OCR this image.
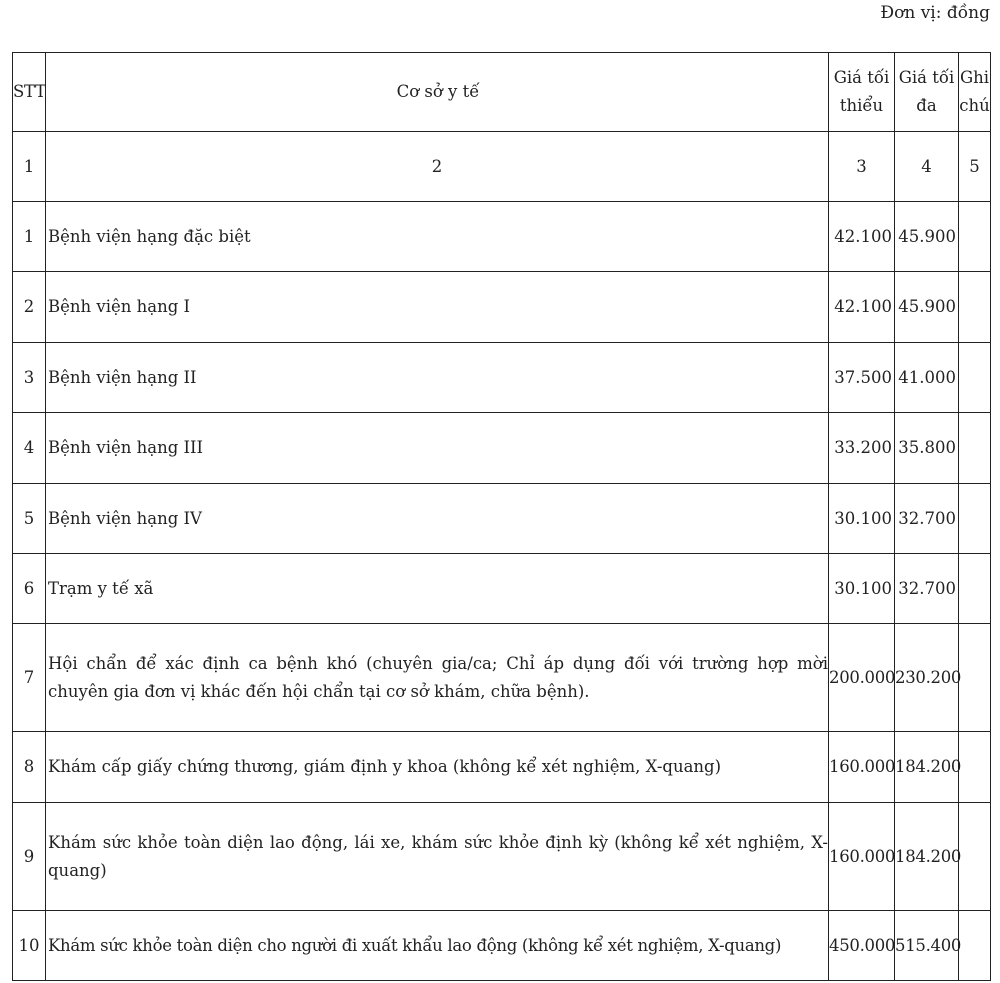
Đơn vị: đồng
STT	Cơ sở y tế	Giá tối thiểu	Giá tối đa	Ghi chú
1	2	3	4	5
1	Bệnh viện hạng đặc biệt	42.100	45.900	
2	Bệnh viện hạng I	42.100	45.900	
3	Bệnh viện hạng II	37.500	41.000	
4	Bệnh viện hạng III	33.200	35.800	
5	Bệnh viện hạng IV	30.100	32.700	
6	Trạm y tế xã	30.100	32.700	
7	Hội chẩn để xác định ca bệnh khó (chuyên gia/ca; Chỉ áp dụng đối với trường hợp mời chuyên gia đơn vị khác đến hội chẩn tại cơ sở khám, chữa bệnh).	200.000	230.200	
8	Khám cấp giấy chứng thương, giám định y khoa (không kể xét nghiệm, X-quang)	160.000	184.200	
9	Khám sức khỏe toàn diện lao động, lái xe, khám sức khỏe định kỳ (không kể xét nghiệm, X-quang)	160.000	184.200	
10	Khám sức khỏe toàn diện cho người đi xuất khẩu lao động (không kể xét nghiệm, X-quang)	450.000	515.400	
